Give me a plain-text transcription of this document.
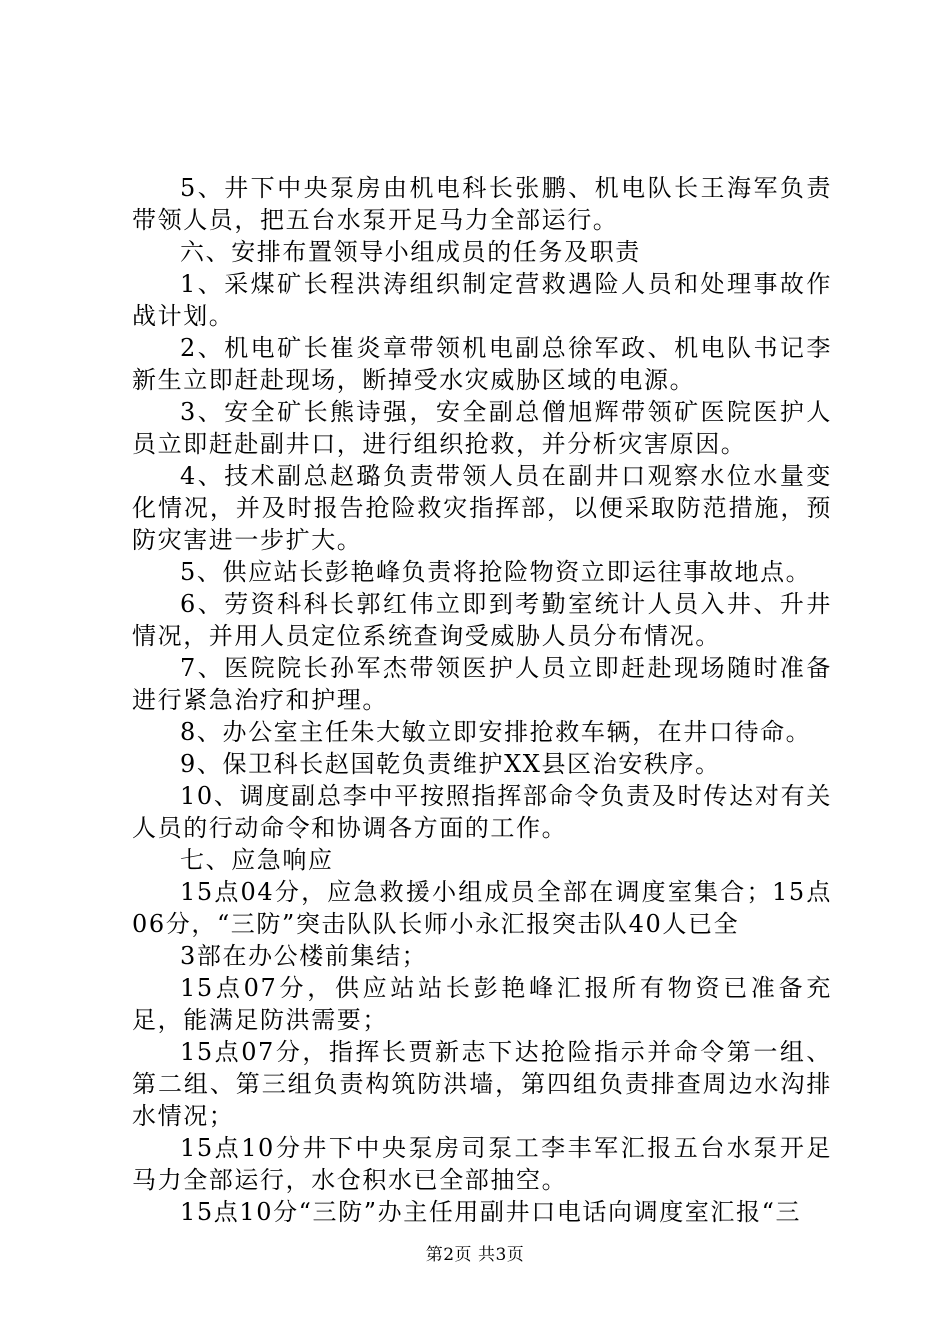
5、井下中央泵房由机电科长张鹏、机电队长王海军负责带领人员，把五台水泵开足马力全部运行。

六、安排布置领导小组成员的任务及职责

1、采煤矿长程洪涛组织制定营救遇险人员和处理事故作战计划。

2、机电矿长崔炎章带领机电副总徐军政、机电队书记李新生立即赶赴现场，断掉受水灾威胁区域的电源。

3、安全矿长熊诗强，安全副总僧旭辉带领矿医院医护人员立即赶赴副井口，进行组织抢救，并分析灾害原因。

4、技术副总赵璐负责带领人员在副井口观察水位水量变化情况，并及时报告抢险救灾指挥部，以便采取防范措施，预防灾害进一步扩大。

5、供应站长彭艳峰负责将抢险物资立即运往事故地点。

6、劳资科科长郭红伟立即到考勤室统计人员入井、升井情况，并用人员定位系统查询受威胁人员分布情况。

7、医院院长孙军杰带领医护人员立即赶赴现场随时准备进行紧急治疗和护理。

8、办公室主任朱大敏立即安排抢救车辆，在井口待命。

9、保卫科长赵国乾负责维护XX县区治安秩序。

10、调度副总李中平按照指挥部命令负责及时传达对有关人员的行动命令和协调各方面的工作。

七、应急响应

15点04分，应急救援小组成员全部在调度室集合；15点06分，“三防”突击队队长师小永汇报突击队40人已全

3部在办公楼前集结；

15点07分，供应站站长彭艳峰汇报所有物资已准备充足，能满足防洪需要；

15点07分，指挥长贾新志下达抢险指示并命令第一组、第二组、第三组负责构筑防洪墙，第四组负责排查周边水沟排水情况；

15点10分井下中央泵房司泵工李丰军汇报五台水泵开足马力全部运行，水仓积水已全部抽空。

15点10分“三防”办主任用副井口电话向调度室汇报“三

第2页 共3页
